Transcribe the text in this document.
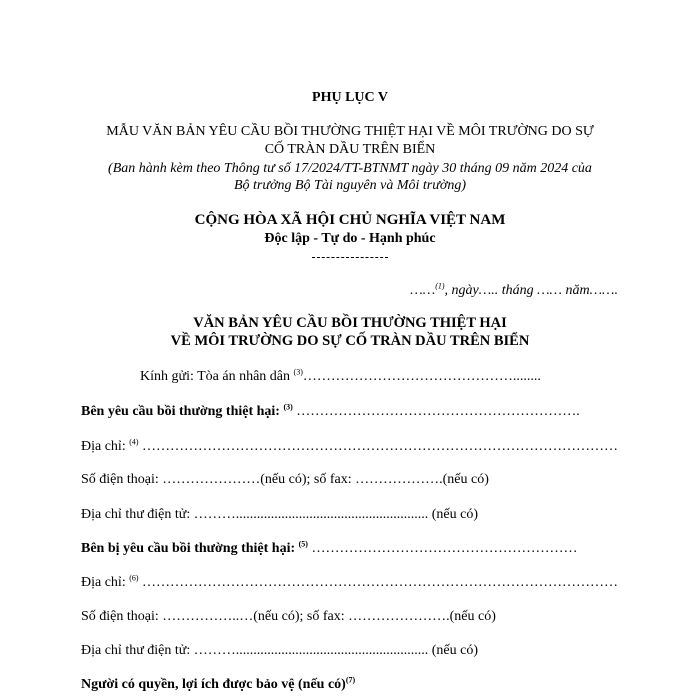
PHỤ LỤC V
MẪU VĂN BẢN YÊU CẦU BỒI THƯỜNG THIỆT HẠI VỀ MÔI TRƯỜNG DO SỰ
CỐ TRÀN DẦU TRÊN BIỂN
(Ban hành kèm theo Thông tư số 17/2024/TT-BTNMT ngày 30 tháng 09 năm 2024 của
Bộ trưởng Bộ Tài nguyên và Môi trường)
CỘNG HÒA XÃ HỘI CHỦ NGHĨA VIỆT NAM
Độc lập - Tự do - Hạnh phúc
……$^{(1)}$, ngày….. tháng …… năm…….
VĂN BẢN YÊU CẦU BỒI THƯỜNG THIỆT HẠI
VỀ MÔI TRƯỜNG DO SỰ CỐ TRÀN DẦU TRÊN BIỂN
Kính gửi: Tòa án nhân dân $^{(3)}$………………………………………........
Bên yêu cầu bồi thường thiệt hại: $^{(3)}$ …………………………………………………….
Địa chỉ: $^{(4)}$ …………………………………………………………………………………………
Số điện thoại: …………………(nếu có); số fax: ……………….(nếu có)
Địa chỉ thư điện tử: ………....................................................... (nếu có)
Bên bị yêu cầu bồi thường thiệt hại: $^{(5)}$ …………………………………………………
Địa chỉ: $^{(6)}$ …………………………………………………………………………………………
Số điện thoại: ……………..…(nếu có); số fax: ………………….(nếu có)
Địa chỉ thư điện tử: ………....................................................... (nếu có)
Người có quyền, lợi ích được bảo vệ (nếu có)$^{(7)}$
